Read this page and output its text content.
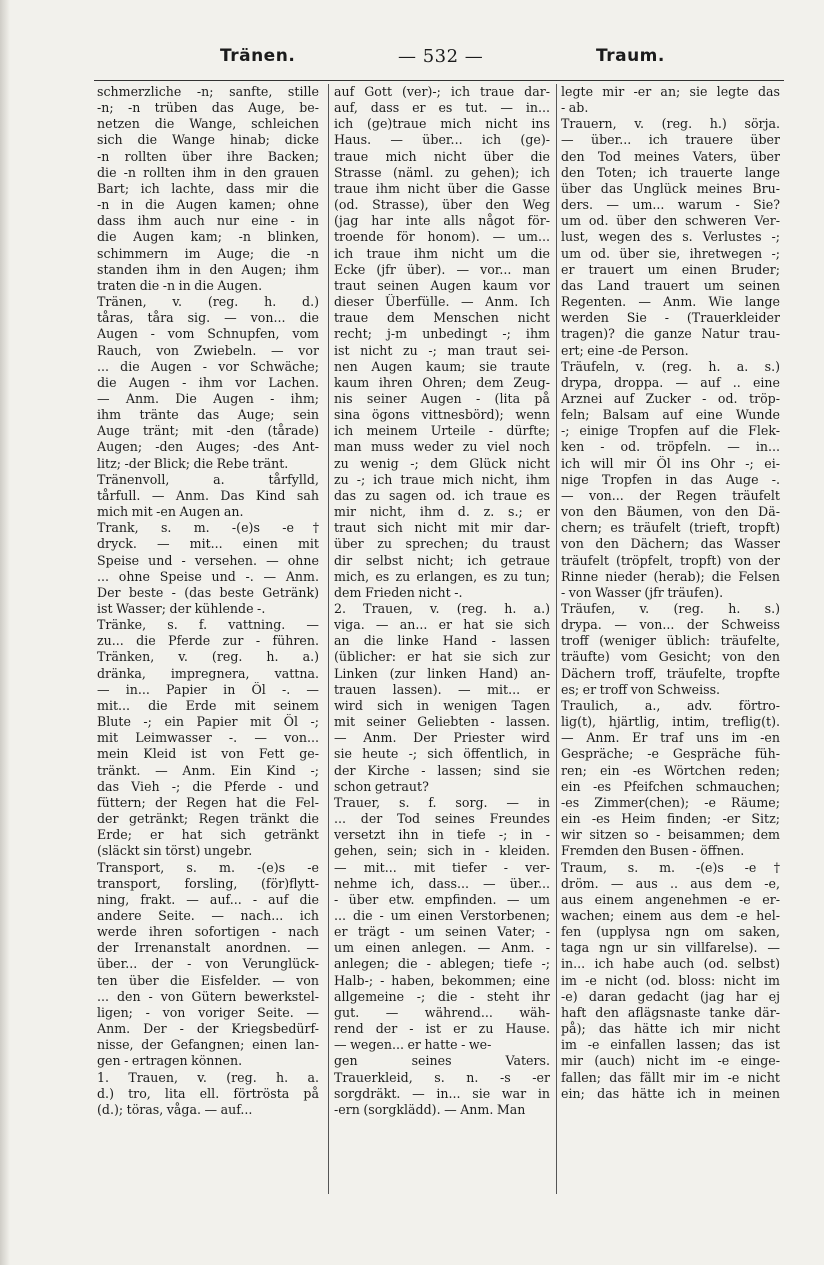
Tränen.	— 532 —	Traum.
schmerzliche -n; sanfte, stille
-n; -n trüben das Auge, be-
netzen die Wange, schleichen
sich die Wange hinab; dicke
-n rollten über ihre Backen;
die -n rollten ihm in den grauen
Bart; ich lachte, dass mir die
-n in die Augen kamen; ohne
dass ihm auch nur eine - in
die Augen kam; -n blinken,
schimmern im Auge; die -n
standen ihm in den Augen; ihm
traten die -n in die Augen.
Tränen, v. (reg. h. d.)
tåras, tåra sig. — von... die
Augen - vom Schnupfen, vom
Rauch, von Zwiebeln. — vor
... die Augen - vor Schwäche;
die Augen - ihm vor Lachen.
— Anm. Die Augen - ihm;
ihm tränte das Auge; sein
Auge tränt; mit -den (tårade)
Augen; -den Auges; -des Ant-
litz; -der Blick; die Rebe tränt.
Tränenvoll, a. tårfylld,
tårfull. — Anm. Das Kind sah
mich mit -en Augen an.
Trank, s. m. -(e)s -e†
dryck. — mit... einen mit
Speise und - versehen. — ohne
... ohne Speise und -. — Anm.
Der beste - (das beste Getränk)
ist Wasser; der kühlende -.
Tränke, s. f. vattning. —
zu... die Pferde zur - führen.
Tränken, v. (reg. h. a.)
dränka, impregnera, vattna.
— in... Papier in Öl -. —
mit... die Erde mit seinem
Blute -; ein Papier mit Öl -;
mit Leimwasser -. — von...
mein Kleid ist von Fett ge-
tränkt. — Anm. Ein Kind -;
das Vieh -; die Pferde - und
füttern; der Regen hat die Fel-
der getränkt; Regen tränkt die
Erde; er hat sich getränkt
(släckt sin törst) ungebr.
Transport, s. m. -(e)s -e
transport, forsling, (för)flytt-
ning, frakt. — auf... - auf die
andere Seite. — nach... ich
werde ihren sofortigen - nach
der Irrenanstalt anordnen. —
über... der - von Verunglück-
ten über die Eisfelder. — von
... den - von Gütern bewerkstel-
ligen; - von voriger Seite. —
Anm. Der - der Kriegsbedürf-
nisse, der Gefangnen; einen lan-
gen - ertragen können.
1. Trauen, v. (reg. h. a.
d.) tro, lita ell. förtrösta på
(d.); töras, våga. — auf...
auf Gott (ver)-; ich traue dar-
auf, dass er es tut. — in...
ich (ge)traue mich nicht ins
Haus. — über... ich (ge)-
traue mich nicht über die
Strasse (näml. zu gehen); ich
traue ihm nicht über die Gasse
(od. Strasse), über den Weg
(jag har inte alls något för-
troende för honom). — um...
ich traue ihm nicht um die
Ecke (jfr über). — vor... man
traut seinen Augen kaum vor
dieser Überfülle. — Anm. Ich
traue dem Menschen nicht
recht; j-m unbedingt -; ihm
ist nicht zu -; man traut sei-
nen Augen kaum; sie traute
kaum ihren Ohren; dem Zeug-
nis seiner Augen - (lita på
sina ögons vittnesbörd); wenn
ich meinem Urteile - dürfte;
man muss weder zu viel noch
zu wenig -; dem Glück nicht
zu -; ich traue mich nicht, ihm
das zu sagen od. ich traue es
mir nicht, ihm d. z. s.; er
traut sich nicht mit mir dar-
über zu sprechen; du traust
dir selbst nicht; ich getraue
mich, es zu erlangen, es zu tun;
dem Frieden nicht -.
2. Trauen, v. (reg. h. a.)
viga. — an... er hat sie sich
an die linke Hand - lassen
(üblicher: er hat sie sich zur
Linken (zur linken Hand) an-
trauen lassen). — mit... er
wird sich in wenigen Tagen
mit seiner Geliebten - lassen.
— Anm. Der Priester wird
sie heute -; sich öffentlich, in
der Kirche - lassen; sind sie
schon getraut?
Trauer, s. f. sorg. — in
... der Tod seines Freundes
versetzt ihn in tiefe -; in -
gehen, sein; sich in - kleiden.
— mit... mit tiefer - ver-
nehme ich, dass... — über...
- über etw. empfinden. — um
... die - um einen Verstorbenen;
er trägt - um seinen Vater; -
um einen anlegen. — Anm. -
anlegen; die - ablegen; tiefe -;
Halb-; - haben, bekommen; eine
allgemeine -; die - steht ihr
gut. — während... wäh-
rend der - ist er zu Hause.
— wegen... er hatte - we-
gen seines Vaters.
Trauerkleid, s. n. -s -er
sorgdräkt. — in... sie war in
-ern (sorgklädd). — Anm. Man
legte mir -er an; sie legte das
- ab.
Trauern, v. (reg. h.) sörja.
— über... ich trauere über
den Tod meines Vaters, über
den Toten; ich trauerte lange
über das Unglück meines Bru-
ders. — um... warum - Sie?
um od. über den schweren Ver-
lust, wegen des s. Verlustes -;
um od. über sie, ihretwegen -;
er trauert um einen Bruder;
das Land trauert um seinen
Regenten. — Anm. Wie lange
werden Sie - (Trauerkleider
tragen)? die ganze Natur trau-
ert; eine -de Person.
Träufeln, v. (reg. h. a. s.)
drypa, droppa. — auf .. eine
Arznei auf Zucker - od. tröp-
feln; Balsam auf eine Wunde
-; einige Tropfen auf die Flek-
ken - od. tröpfeln. — in...
ich will mir Öl ins Ohr -; ei-
nige Tropfen in das Auge -.
— von... der Regen träufelt
von den Bäumen, von den Dä-
chern; es träufelt (trieft, tropft)
von den Dächern; das Wasser
träufelt (tröpfelt, tropft) von der
Rinne nieder (herab); die Felsen
- von Wasser (jfr träufen).
Träufen, v. (reg. h. s.)
drypa. — von... der Schweiss
troff (weniger üblich: träufelte,
träufte) vom Gesicht; von den
Dächern troff, träufelte, tropfte
es; er troff von Schweiss.
Traulich, a., adv. förtro-
lig(t), hjärtlig, intim, treflig(t).
— Anm. Er traf uns im -en
Gespräche; -e Gespräche füh-
ren; ein -es Wörtchen reden;
ein -es Pfeifchen schmauchen;
-es Zimmer(chen); -e Räume;
ein -es Heim finden; -er Sitz;
wir sitzen so - beisammen; dem
Fremden den Busen - öffnen.
Traum, s. m. -(e)s -e†
dröm. — aus .. aus dem -e,
aus einem angenehmen -e er-
wachen; einem aus dem -e hel-
fen (upplysa ngn om saken,
taga ngn ur sin villfarelse). —
in... ich habe auch (od. selbst)
im -e nicht (od. bloss: nicht im
-e) daran gedacht (jag har ej
haft den aflägsnaste tanke där-
på); das hätte ich mir nicht
im -e einfallen lassen; das ist
mir (auch) nicht im -e einge-
fallen; das fällt mir im -e nicht
ein; das hätte ich in meinen
